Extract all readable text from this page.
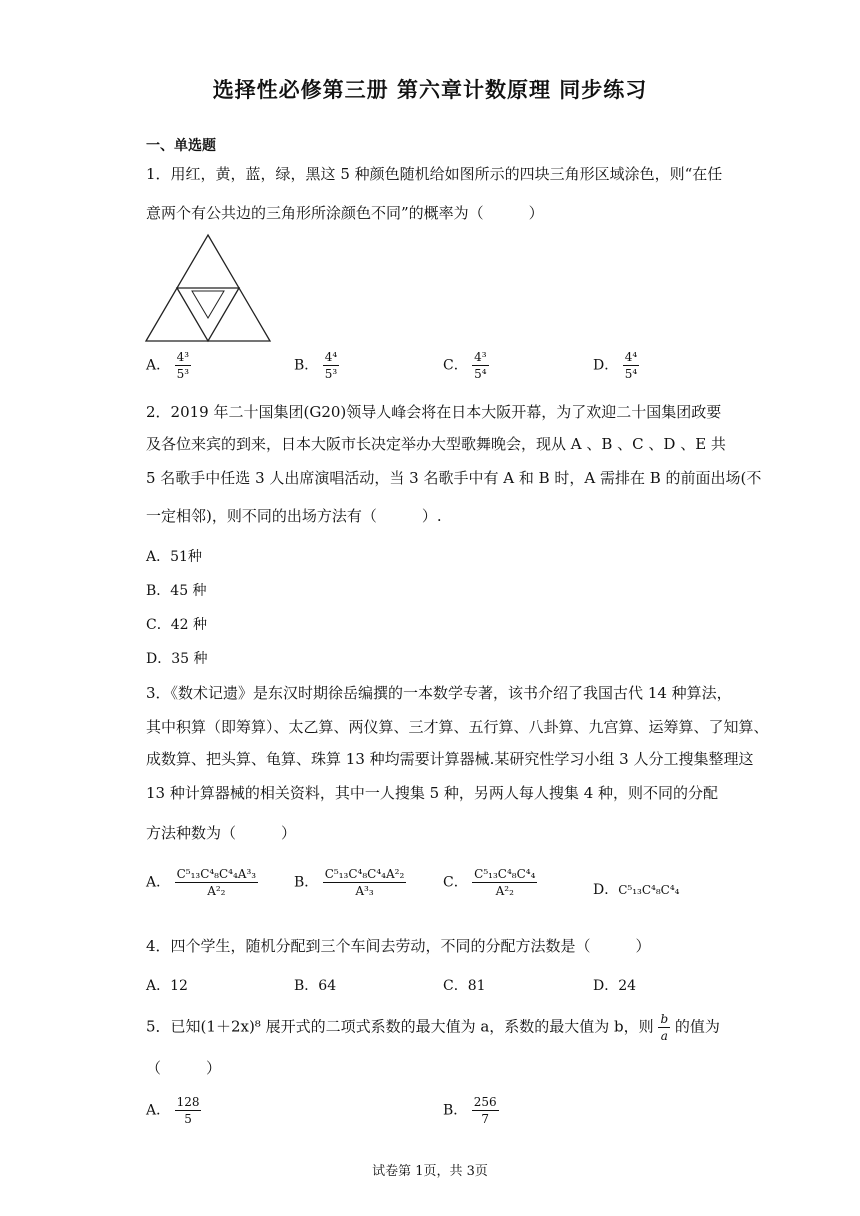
选择性必修第三册 第六章计数原理 同步练习
一、单选题
1．用红，黄，蓝，绿，黑这 5 种颜色随机给如图所示的四块三角形区域涂色，则“在任
意两个有公共边的三角形所涂颜色不同”的概率为（　　　）
A． $\frac{\text{4³}}{\text{5³}}$	B． $\frac{\text{4⁴}}{\text{5³}}$	C． $\frac{\text{4³}}{\text{5⁴}}$	D． $\frac{\text{4⁴}}{\text{5⁴}}$
2．2019 年二十国集团(G20)领导人峰会将在日本大阪开幕，为了欢迎二十国集团政要
及各位来宾的到来，日本大阪市长决定举办大型歌舞晚会，现从 A 、B 、C 、D 、E 共
5 名歌手中任选 3 人出席演唱活动，当 3 名歌手中有 A 和 B 时，A 需排在 B 的前面出场(不
一定相邻)，则不同的出场方法有（　　　）.
A．51种
B．45 种
C．42 种
D．35 种
3．《数术记遗》是东汉时期徐岳编撰的一本数学专著，该书介绍了我国古代 14 种算法，
其中积算（即筹算）、太乙算、两仪算、三才算、五行算、八卦算、九宫算、运筹算、了知算、
成数算、把头算、龟算、珠算 13 种均需要计算器械.某研究性学习小组 3 人分工搜集整理这
13 种计算器械的相关资料，其中一人搜集 5 种，另两人每人搜集 4 种，则不同的分配
方法种数为（　　　）
A． $\frac{\text{C⁵₁₃C⁴₈C⁴₄A³₃}}{\text{A²₂}}$	B． $\frac{\text{C⁵₁₃C⁴₈C⁴₄A²₂}}{\text{A³₃}}$	C． $\frac{\text{C⁵₁₃C⁴₈C⁴₄}}{\text{A²₂}}$	D．C⁵₁₃C⁴₈C⁴₄
4．四个学生，随机分配到三个车间去劳动，不同的分配方法数是（　　　）
A．12	B．64	C．81	D．24
5．已知(1＋2x)⁸ 展开式的二项式系数的最大值为 a，系数的最大值为 b，则 $\frac{b}{a}$ 的值为
（　　　）
A． $\frac{128}{5}$	B． $\frac{256}{7}$
试卷第 1页，共 3页
